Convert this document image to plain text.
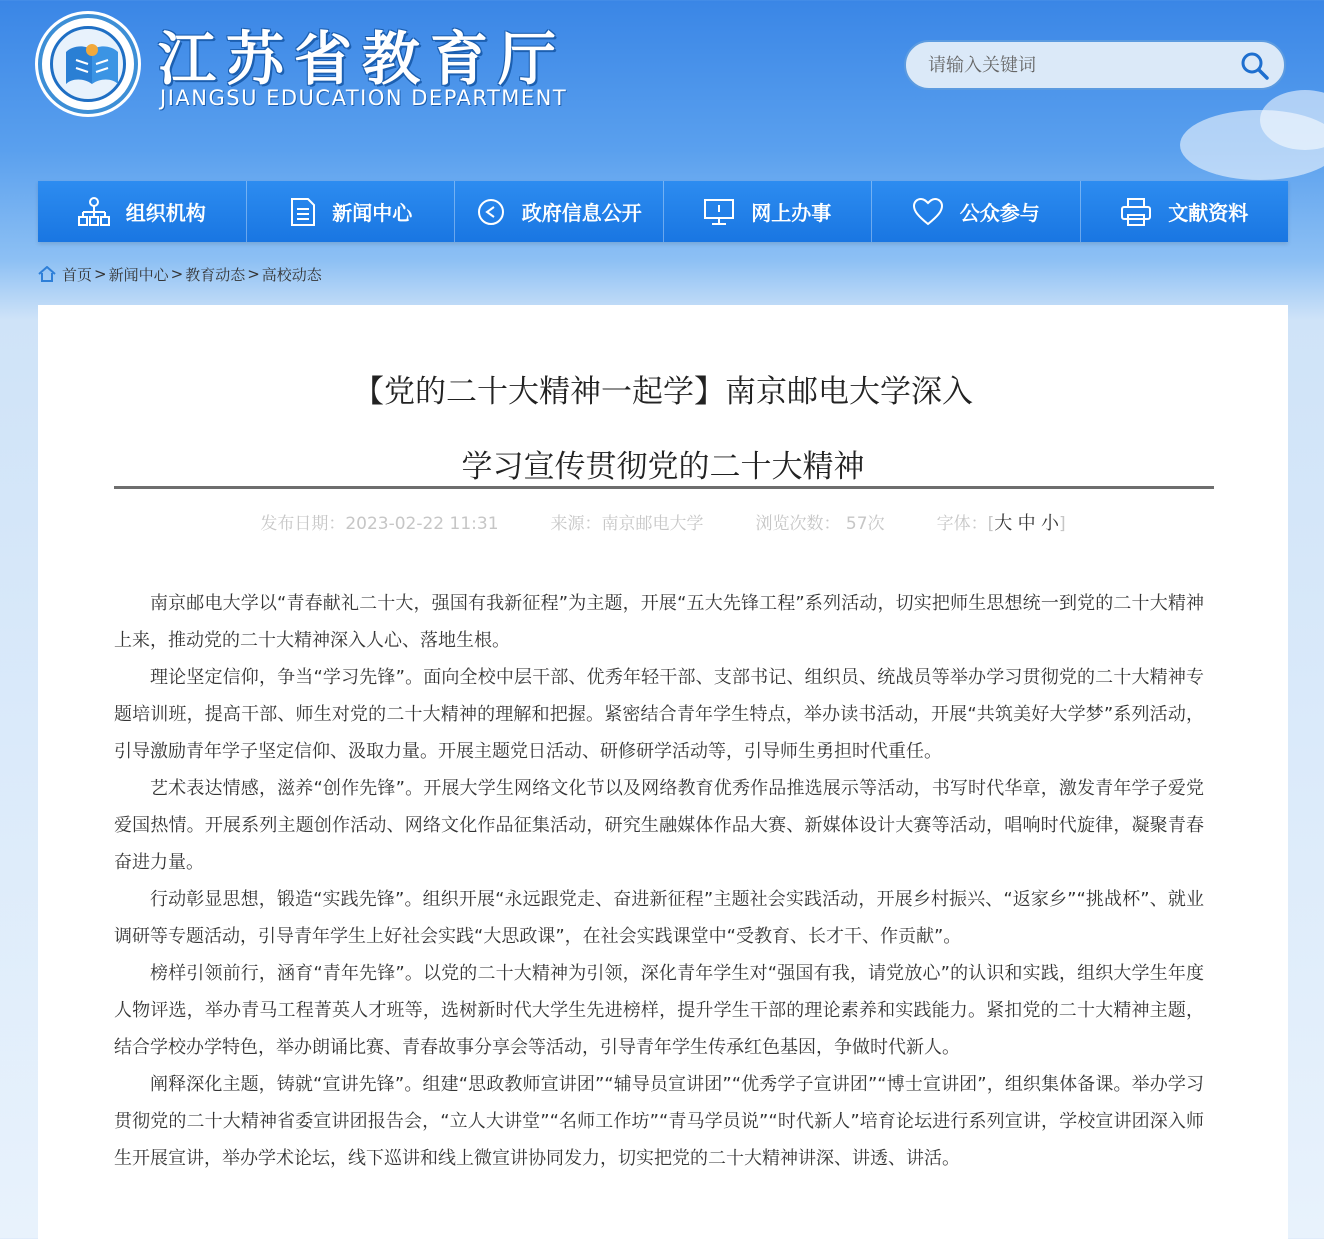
江苏省教育厅
JIANGSU EDUCATION DEPARTMENT
请输入关键词
组织机构	新闻中心	政府信息公开	网上办事	公众参与	文献资料
首页 > 新闻中心 > 教育动态 > 高校动态
【党的二十大精神一起学】南京邮电大学深入
学习宣传贯彻党的二十大精神
发布日期：2023-02-22 11:31	来源：南京邮电大学	浏览次数： 57次	字体：[大 中 小]

南京邮电大学以“青春献礼二十大，强国有我新征程”为主题，开展“五大先锋工程”系列活动，切实把师生思想统一到党的二十大精神上来，推动党的二十大精神深入人心、落地生根。

理论坚定信仰，争当“学习先锋”。面向全校中层干部、优秀年轻干部、支部书记、组织员、统战员等举办学习贯彻党的二十大精神专题培训班，提高干部、师生对党的二十大精神的理解和把握。紧密结合青年学生特点，举办读书活动，开展“共筑美好大学梦”系列活动，引导激励青年学子坚定信仰、汲取力量。开展主题党日活动、研修研学活动等，引导师生勇担时代重任。

艺术表达情感，滋养“创作先锋”。开展大学生网络文化节以及网络教育优秀作品推选展示等活动，书写时代华章，激发青年学子爱党爱国热情。开展系列主题创作活动、网络文化作品征集活动，研究生融媒体作品大赛、新媒体设计大赛等活动，唱响时代旋律，凝聚青春奋进力量。

行动彰显思想，锻造“实践先锋”。组织开展“永远跟党走、奋进新征程”主题社会实践活动，开展乡村振兴、“返家乡”“挑战杯”、就业调研等专题活动，引导青年学生上好社会实践“大思政课”，在社会实践课堂中“受教育、长才干、作贡献”。

榜样引领前行，涵育“青年先锋”。以党的二十大精神为引领，深化青年学生对“强国有我，请党放心”的认识和实践，组织大学生年度人物评选，举办青马工程菁英人才班等，选树新时代大学生先进榜样，提升学生干部的理论素养和实践能力。紧扣党的二十大精神主题，结合学校办学特色，举办朗诵比赛、青春故事分享会等活动，引导青年学生传承红色基因，争做时代新人。

阐释深化主题，铸就“宣讲先锋”。组建“思政教师宣讲团”“辅导员宣讲团”“优秀学子宣讲团”“博士宣讲团”，组织集体备课。举办学习贯彻党的二十大精神省委宣讲团报告会，“立人大讲堂”“名师工作坊”“青马学员说”“时代新人”培育论坛进行系列宣讲，学校宣讲团深入师生开展宣讲，举办学术论坛，线下巡讲和线上微宣讲协同发力，切实把党的二十大精神讲深、讲透、讲活。
